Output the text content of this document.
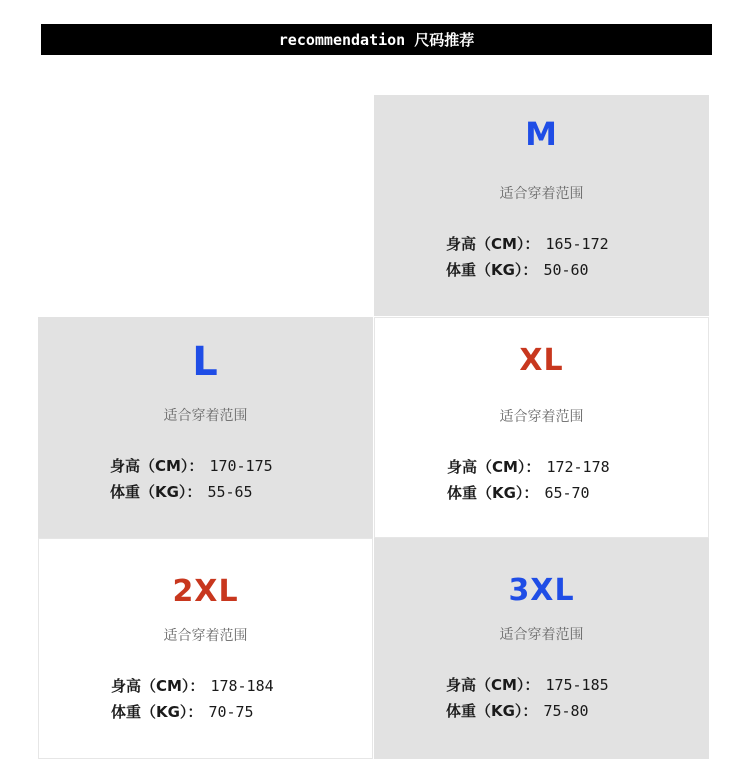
recommendation 尺码推荐
M
适合穿着范围
身高（CM）： 165-172
体重（KG）： 50-60
L
适合穿着范围
身高（CM）： 170-175
体重（KG）： 55-65
XL
适合穿着范围
身高（CM）： 172-178
体重（KG）： 65-70
2XL
适合穿着范围
身高（CM）： 178-184
体重（KG）： 70-75
3XL
适合穿着范围
身高（CM）： 175-185
体重（KG）： 75-80
